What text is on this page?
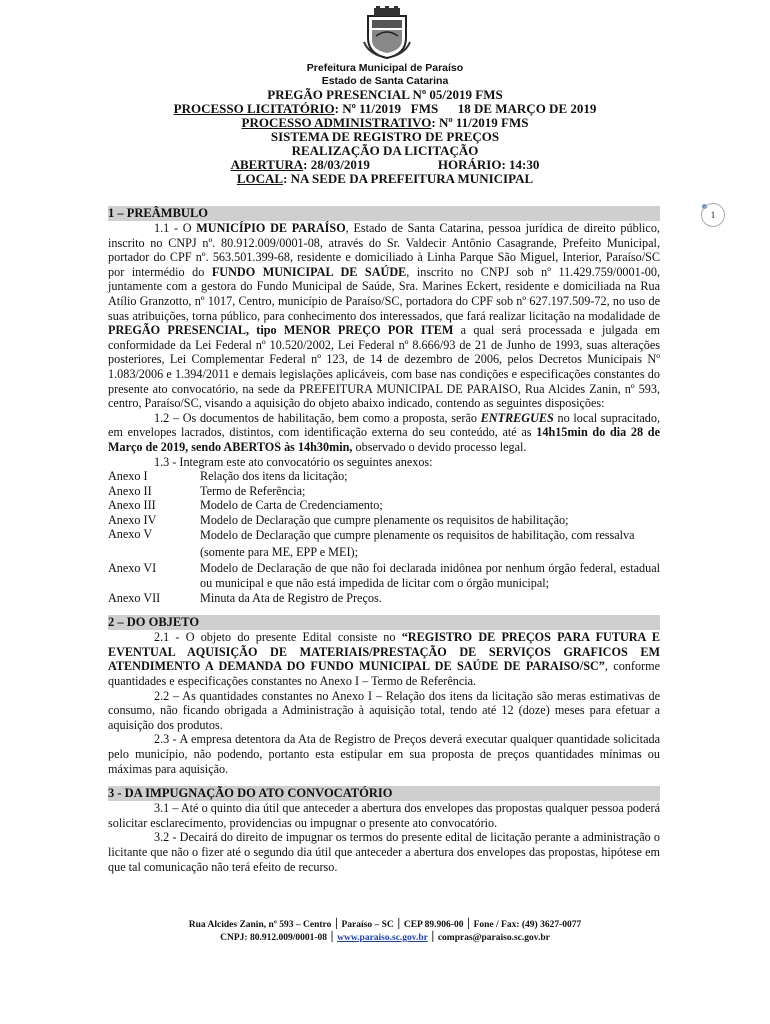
Prefeitura Municipal de Paraíso
Estado de Santa Catarina
PREGÃO PRESENCIAL Nº 05/2019 FMS
PROCESSO LICITATÓRIO: Nº 11/2019   FMS      18 DE MARÇO DE 2019
PROCESSO ADMINISTRATIVO: Nº 11/2019 FMS
SISTEMA DE REGISTRO DE PREÇOS
REALIZAÇÃO DA LICITAÇÃO
ABERTURA: 28/03/2019	HORÁRIO: 14:30
LOCAL: NA SEDE DA PREFEITURA MUNICIPAL
1
1 – PREÂMBULO

1.1 - O MUNICÍPIO DE PARAÍSO, Estado de Santa Catarina, pessoa jurídica de direito público, inscrito no CNPJ nº. 80.912.009/0001-08, através do Sr. Valdecir Antônio Casagrande, Prefeito Municipal, portador do CPF nº. 563.501.399-68, residente e domiciliado à Linha Parque São Miguel, Interior, Paraíso/SC por intermédio do FUNDO MUNICIPAL DE SAÚDE, inscrito no CNPJ sob nº 11.429.759/0001-00, juntamente com a gestora do Fundo Municipal de Saúde, Sra. Marines Eckert, residente e domiciliada na Rua Atílio Granzotto, nº 1017, Centro, município de Paraíso/SC, portadora do CPF sob nº 627.197.509-72, no uso de suas atribuições, torna público, para conhecimento dos interessados, que fará realizar licitação na modalidade de PREGÃO PRESENCIAL, tipo MENOR PREÇO POR ITEM a qual será processada e julgada em conformidade da Lei Federal nº 10.520/2002, Lei Federal nº 8.666/93 de 21 de Junho de 1993, suas alterações posteriores, Lei Complementar Federal nº 123, de 14 de dezembro de 2006, pelos Decretos Municipais Nº 1.083/2006 e 1.394/2011 e demais legislações aplicáveis, com base nas condições e especificações constantes do presente ato convocatório, na sede da PREFEITURA MUNICIPAL DE PARAISO, Rua Alcides Zanin, nº 593, centro, Paraíso/SC, visando a aquisição do objeto abaixo indicado, contendo as seguintes disposições:

1.2 – Os documentos de habilitação, bem como a proposta, serão ENTREGUES no local supracitado, em envelopes lacrados, distintos, com identificação externa do seu conteúdo, até as 14h15min do dia 28 de Março de 2019, sendo ABERTOS às 14h30min, observado o devido processo legal.

1.3 - Integram este ato convocatório os seguintes anexos:

Anexo I	Relação dos itens da licitação;
Anexo II	Termo de Referência;
Anexo III	Modelo de Carta de Credenciamento;
Anexo IV	Modelo de Declaração que cumpre plenamente os requisitos de habilitação;
Anexo V	Modelo de Declaração que cumpre plenamente os requisitos de habilitação, com ressalva (somente para ME, EPP e MEI);
Anexo VI	Modelo de Declaração de que não foi declarada inidônea por nenhum órgão federal, estadual ou municipal e que não está impedida de licitar com o órgão municipal;
Anexo VII	Minuta da Ata de Registro de Preços.
2 – DO OBJETO

2.1 - O objeto do presente Edital consiste no “REGISTRO DE PREÇOS PARA FUTURA E EVENTUAL AQUISIÇÃO DE MATERIAIS/PRESTAÇÃO DE SERVIÇOS GRAFICOS EM ATENDIMENTO A DEMANDA DO FUNDO MUNICIPAL DE SAÚDE DE PARAISO/SC”, conforme quantidades e especificações constantes no Anexo I – Termo de Referência.

2.2 – As quantidades constantes no Anexo I – Relação dos itens da licitação são meras estimativas de consumo, não ficando obrigada a Administração à aquisição total, tendo até 12 (doze) meses para efetuar a aquisição dos produtos.

2.3 - A empresa detentora da Ata de Registro de Preços deverá executar qualquer quantidade solicitada pelo município, não podendo, portanto esta estipular em sua proposta de preços quantidades mínimas ou máximas para aquisição.

3 - DA IMPUGNAÇÃO DO ATO CONVOCATÓRIO

3.1 – Até o quinto dia útil que anteceder a abertura dos envelopes das propostas qualquer pessoa poderá solicitar esclarecimento, providencias ou impugnar o presente ato convocatório.

3.2 - Decairá do direito de impugnar os termos do presente edital de licitação perante a administração o licitante que não o fizer até o segundo dia útil que anteceder a abertura dos envelopes das propostas, hipótese em que tal comunicação não terá efeito de recurso.

Rua Alcides Zanin, nº 593 – Centro ׀ Paraíso – SC ׀ CEP 89.906-00 ׀ Fone / Fax: (49) 3627-0077
CNPJ: 80.912.009/0001-08 ׀ www.paraiso.sc.gov.br ׀ compras@paraiso.sc.gov.br
